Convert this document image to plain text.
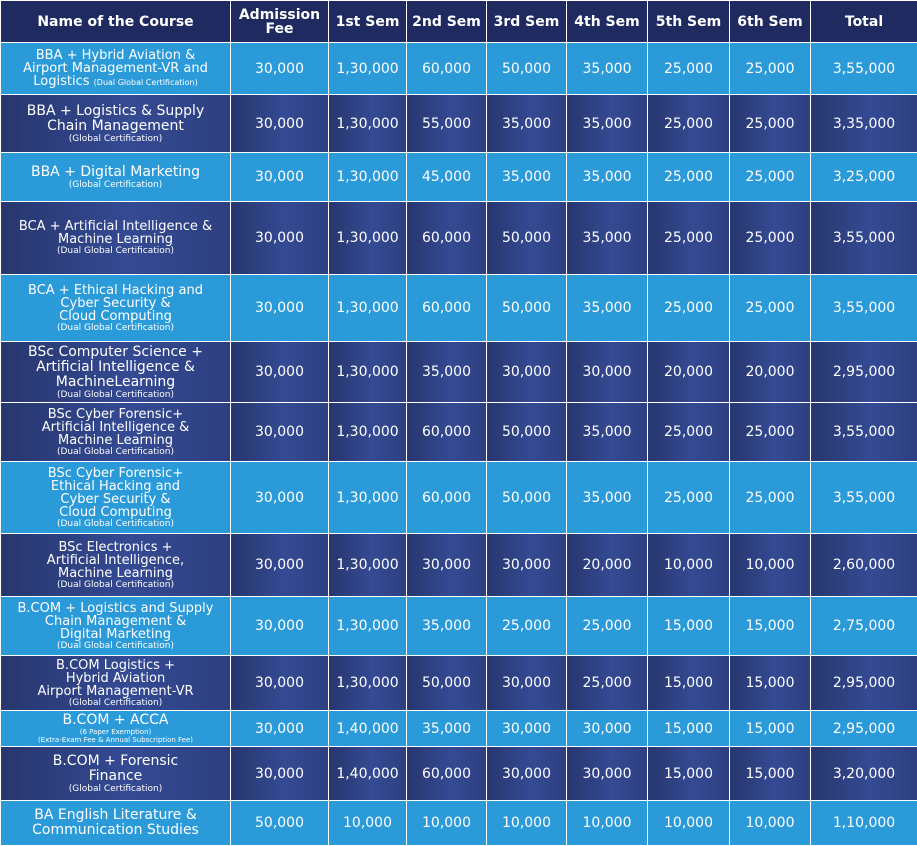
Name of the Course	Admission Fee	1st Sem	2nd Sem	3rd Sem	4th Sem	5th Sem	6th Sem	Total

BBA + Hybrid Aviation &
Airport Management-VR and
Logistics (Dual Global Certification)	30,000	1,30,000	60,000	50,000	35,000	25,000	25,000	3,55,000

BBA + Logistics & Supply
Chain Management
(Global Certification)	30,000	1,30,000	55,000	35,000	35,000	25,000	25,000	3,35,000

BBA + Digital Marketing
(Global Certification)	30,000	1,30,000	45,000	35,000	35,000	25,000	25,000	3,25,000

BCA + Artificial Intelligence &
Machine Learning
(Dual Global Certification)	30,000	1,30,000	60,000	50,000	35,000	25,000	25,000	3,55,000

BCA + Ethical Hacking and
Cyber Security &
Cloud Computing
(Dual Global Certification)	30,000	1,30,000	60,000	50,000	35,000	25,000	25,000	3,55,000

BSc Computer Science +
Artificial Intelligence &
MachineLearning
(Dual Global Certification)	30,000	1,30,000	35,000	30,000	30,000	20,000	20,000	2,95,000

BSc Cyber Forensic+
Artificial Intelligence &
Machine Learning
(Dual Global Certification)	30,000	1,30,000	60,000	50,000	35,000	25,000	25,000	3,55,000

BSc Cyber Forensic+
Ethical Hacking and
Cyber Security &
Cloud Computing
(Dual Global Certification)	30,000	1,30,000	60,000	50,000	35,000	25,000	25,000	3,55,000

BSc Electronics +
Artificial Intelligence,
Machine Learning
(Dual Global Certification)	30,000	1,30,000	30,000	30,000	20,000	10,000	10,000	2,60,000

B.COM + Logistics and Supply
Chain Management &
Digital Marketing
(Dual Global Certification)	30,000	1,30,000	35,000	25,000	25,000	15,000	15,000	2,75,000

B.COM Logistics +
Hybrid Aviation
Airport Management-VR
(Global Certification)	30,000	1,30,000	50,000	30,000	25,000	15,000	15,000	2,95,000

B.COM + ACCA
(6 Paper Exemption)
(Extra-Exam Fee & Annual Subscription Fee)	30,000	1,40,000	35,000	30,000	30,000	15,000	15,000	2,95,000

B.COM + Forensic
Finance
(Global Certification)	30,000	1,40,000	60,000	30,000	30,000	15,000	15,000	3,20,000

BA English Literature &
Communication Studies	50,000	10,000	10,000	10,000	10,000	10,000	10,000	1,10,000
